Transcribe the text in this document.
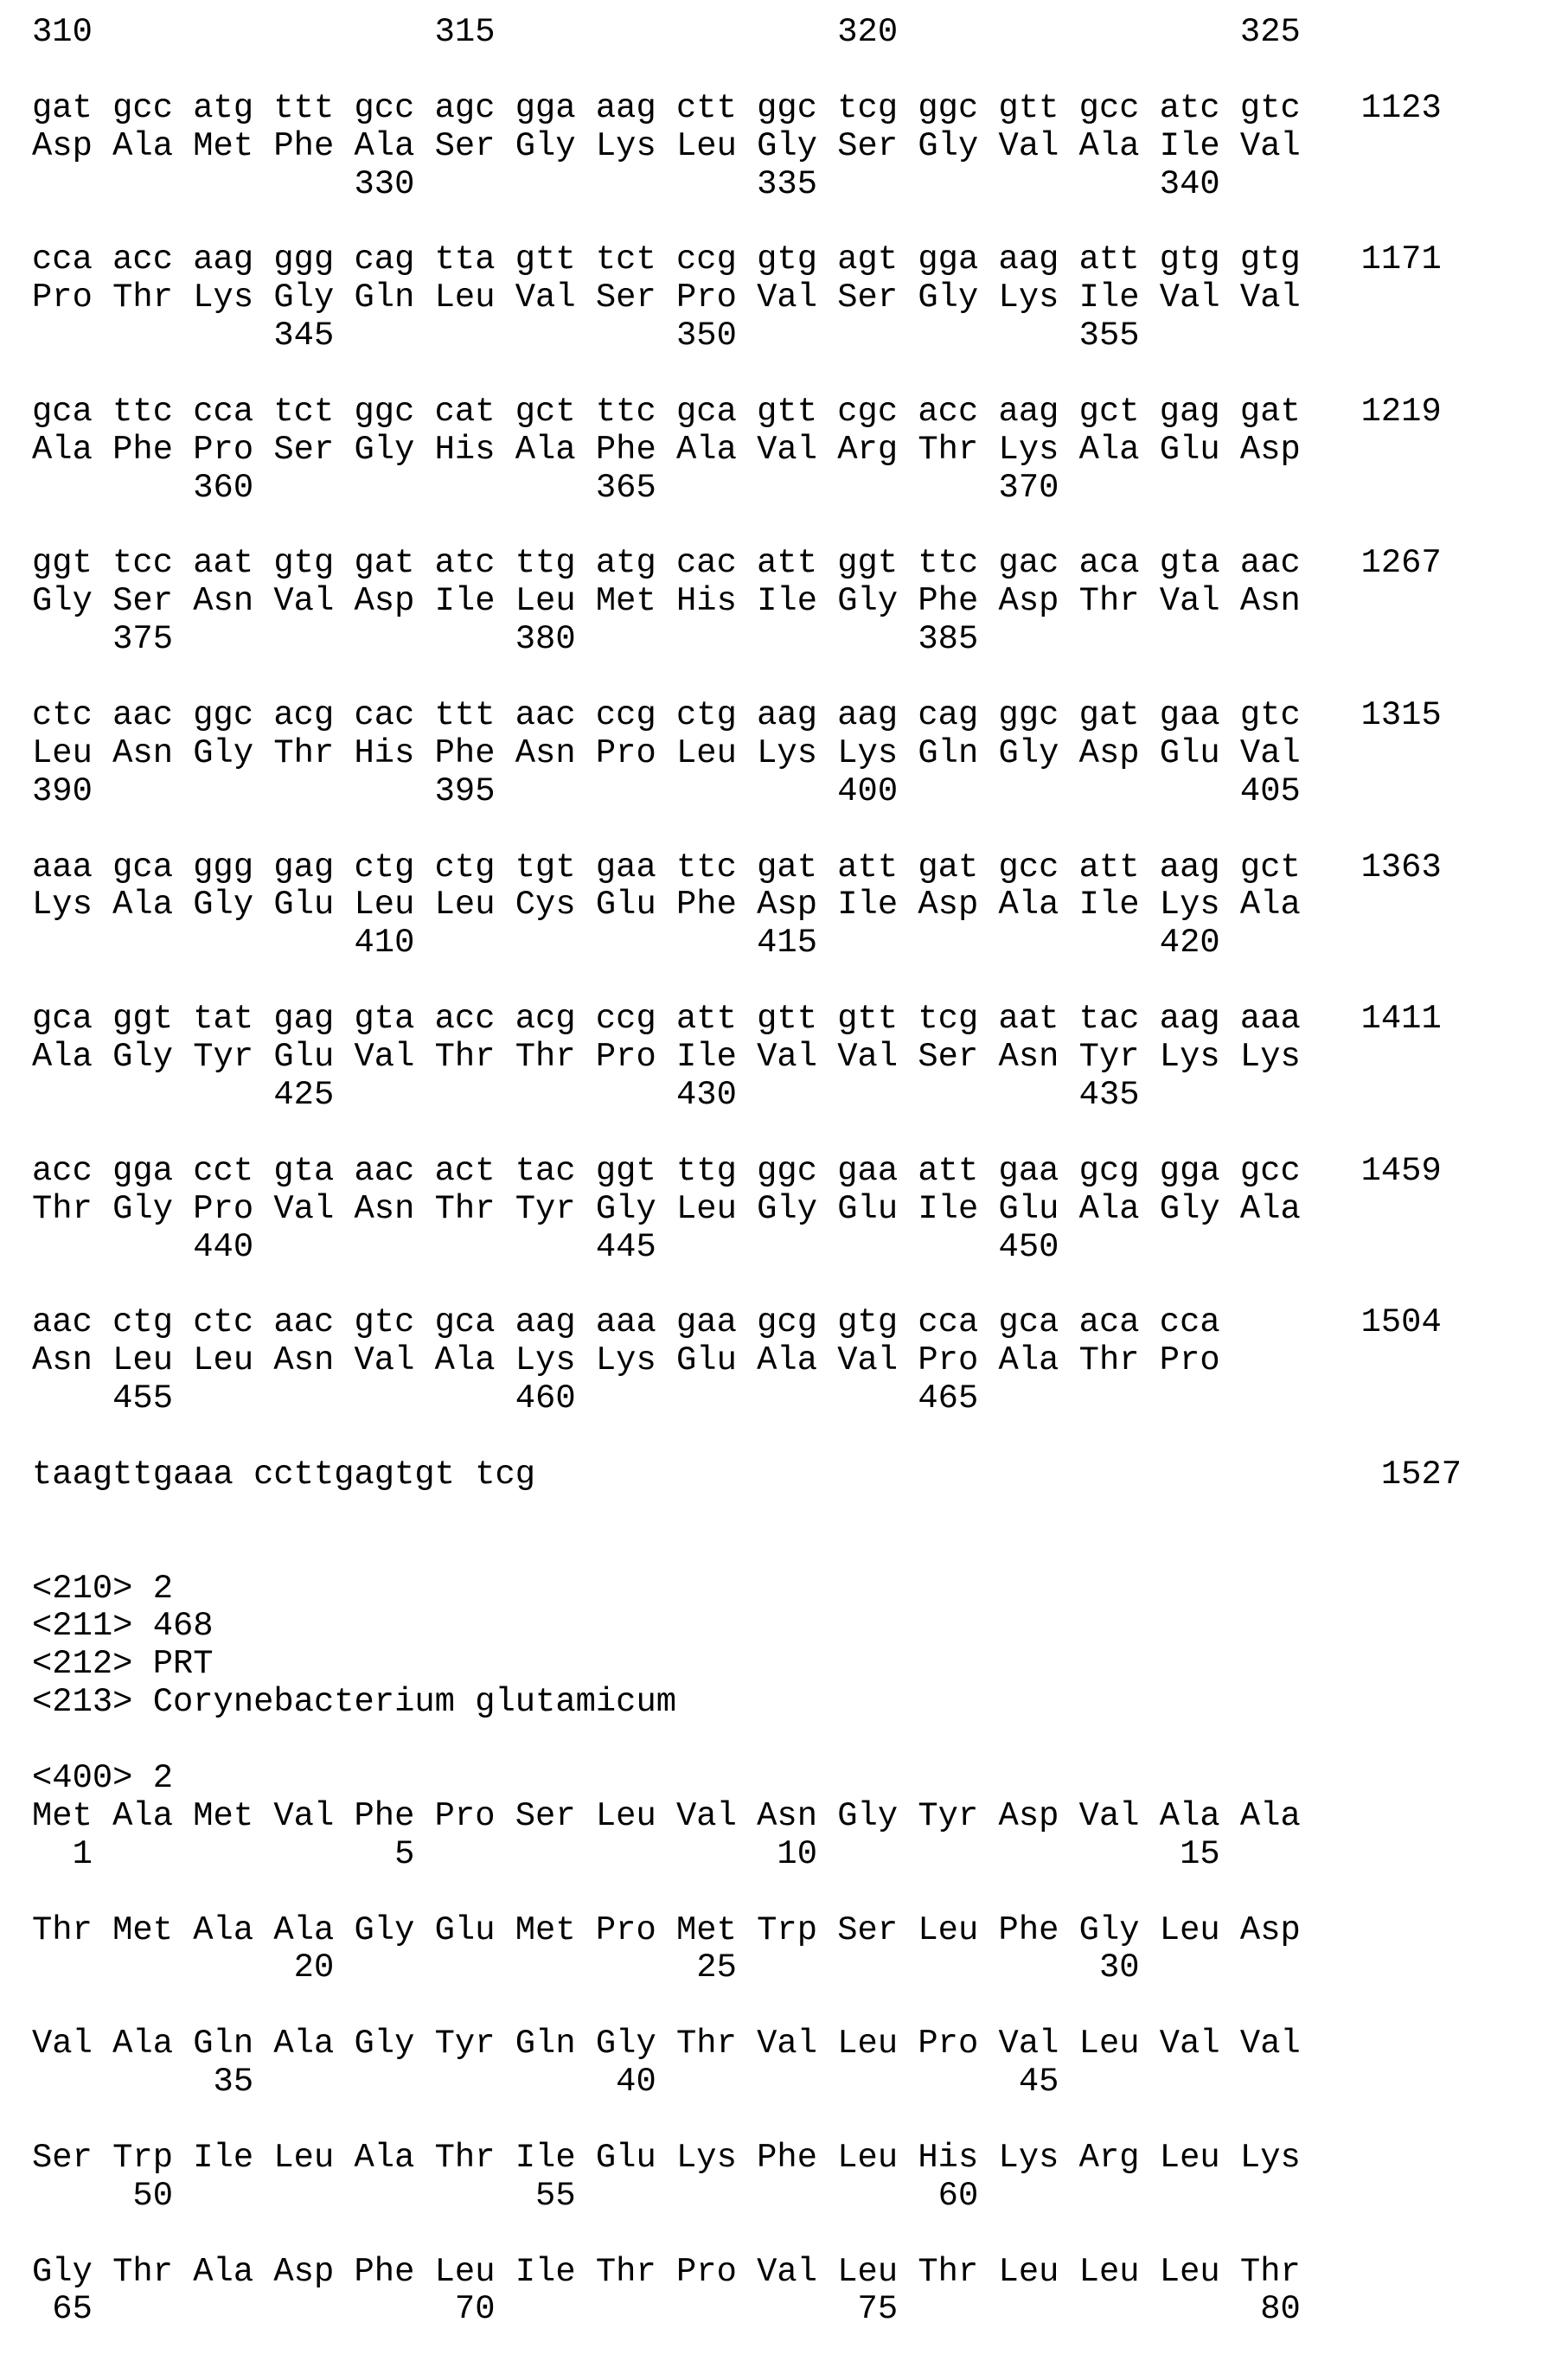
310                 315                 320                 325
gat gcc atg ttt gcc agc gga aag ctt ggc tcg ggc gtt gcc atc gtc   1123
Asp Ala Met Phe Ala Ser Gly Lys Leu Gly Ser Gly Val Ala Ile Val
330                 335                 340
cca acc aag ggg cag tta gtt tct ccg gtg agt gga aag att gtg gtg   1171
Pro Thr Lys Gly Gln Leu Val Ser Pro Val Ser Gly Lys Ile Val Val
345                 350                 355
gca ttc cca tct ggc cat gct ttc gca gtt cgc acc aag gct gag gat   1219
Ala Phe Pro Ser Gly His Ala Phe Ala Val Arg Thr Lys Ala Glu Asp
360                 365                 370
ggt tcc aat gtg gat atc ttg atg cac att ggt ttc gac aca gta aac   1267
Gly Ser Asn Val Asp Ile Leu Met His Ile Gly Phe Asp Thr Val Asn
375                 380                 385
ctc aac ggc acg cac ttt aac ccg ctg aag aag cag ggc gat gaa gtc   1315
Leu Asn Gly Thr His Phe Asn Pro Leu Lys Lys Gln Gly Asp Glu Val
390                 395                 400                 405
aaa gca ggg gag ctg ctg tgt gaa ttc gat att gat gcc att aag gct   1363
Lys Ala Gly Glu Leu Leu Cys Glu Phe Asp Ile Asp Ala Ile Lys Ala
410                 415                 420
gca ggt tat gag gta acc acg ccg att gtt gtt tcg aat tac aag aaa   1411
Ala Gly Tyr Glu Val Thr Thr Pro Ile Val Val Ser Asn Tyr Lys Lys
425                 430                 435
acc gga cct gta aac act tac ggt ttg ggc gaa att gaa gcg gga gcc   1459
Thr Gly Pro Val Asn Thr Tyr Gly Leu Gly Glu Ile Glu Ala Gly Ala
440                 445                 450
aac ctg ctc aac gtc gca aag aaa gaa gcg gtg cca gca aca cca       1504
Asn Leu Leu Asn Val Ala Lys Lys Glu Ala Val Pro Ala Thr Pro
455                 460                 465
taagttgaaa ccttgagtgt tcg                                          1527
<210> 2
<211> 468
<212> PRT
<213> Corynebacterium glutamicum
<400> 2
Met Ala Met Val Phe Pro Ser Leu Val Asn Gly Tyr Asp Val Ala Ala
1               5                  10                  15
Thr Met Ala Ala Gly Glu Met Pro Met Trp Ser Leu Phe Gly Leu Asp
20                  25                  30
Val Ala Gln Ala Gly Tyr Gln Gly Thr Val Leu Pro Val Leu Val Val
35                  40                  45
Ser Trp Ile Leu Ala Thr Ile Glu Lys Phe Leu His Lys Arg Leu Lys
50                  55                  60
Gly Thr Ala Asp Phe Leu Ile Thr Pro Val Leu Thr Leu Leu Leu Thr
65                  70                  75                  80
